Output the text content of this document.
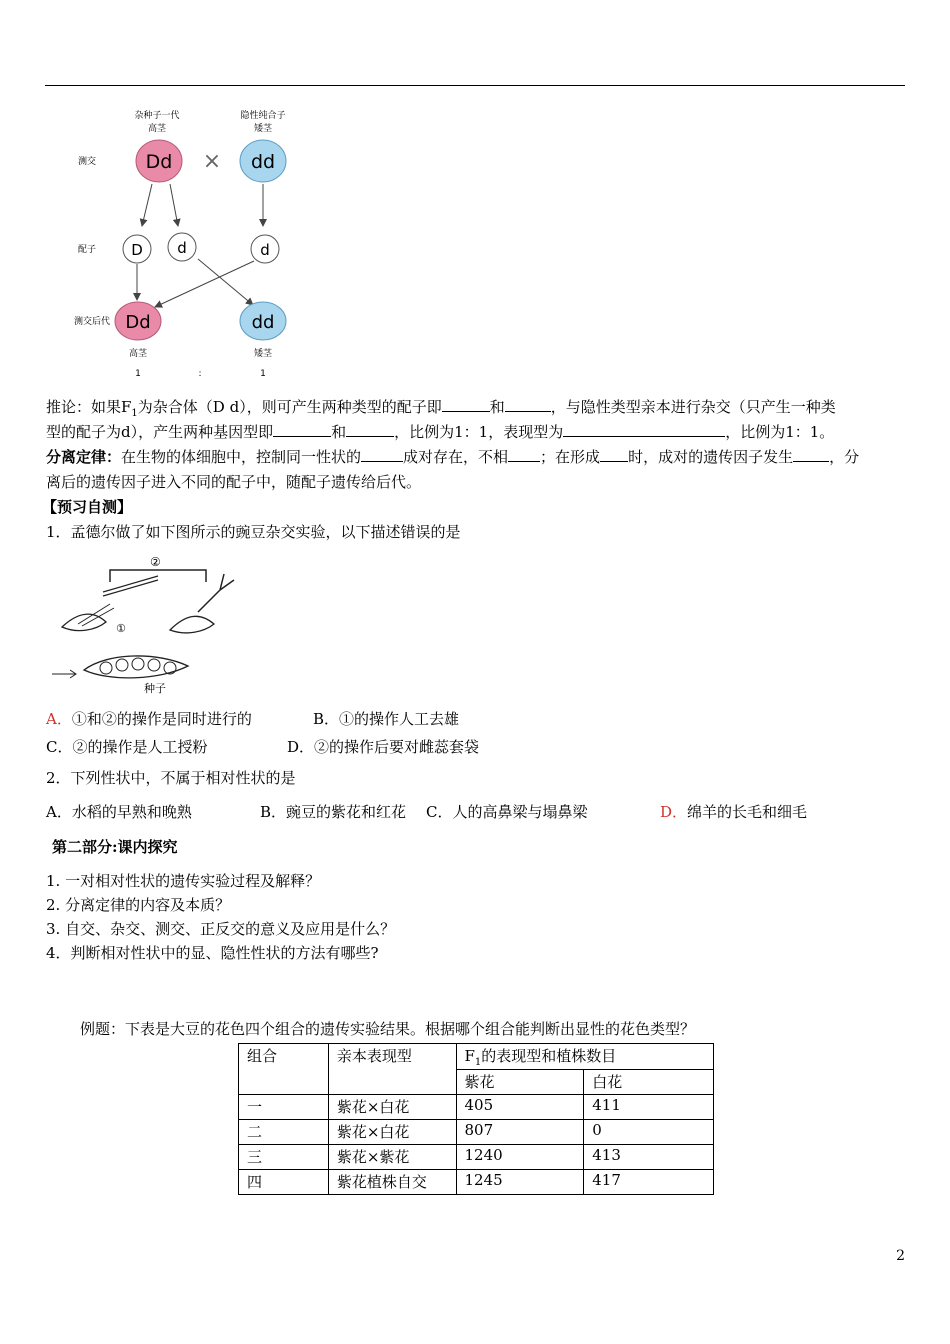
杂种子一代
高茎
隐性纯合子
矮茎
测交
配子
测交后代
Dd × dd
D d	d
Dd	dd
高茎	矮茎
1	:	1
推论：如果$F_1$为杂合体（D d），则可产生两种类型的配子即	和	，与隐性类型亲本进行杂交（只产生一种类
型的配子为d），产生两种基因型即	和	，比例为1：1，表现型为	，比例为1：1。
分离定律：在生物的体细胞中，控制同一性状的	成对存在，不相 ；在形成 时，成对的遗传因子发生 ，分
离后的遗传因子进入不同的配子中，随配子遗传给后代。
【预习自测】
1．孟德尔做了如下图所示的豌豆杂交实验，以下描述错误的是
②
①
种子
A．①和②的操作是同时进行的	B．①的操作人工去雄
C．②的操作是人工授粉	D．②的操作后要对雌蕊套袋
2．下列性状中，不属于相对性状的是
A．水稻的早熟和晚熟	B．豌豆的紫花和红花 C．人的高鼻梁与塌鼻梁	D．绵羊的长毛和细毛
第二部分:课内探究
1. 一对相对性状的遗传实验过程及解释？
2. 分离定律的内容及本质？
3. 自交、杂交、测交、正反交的意义及应用是什么？
4．判断相对性状中的显、隐性性状的方法有哪些?
例题：下表是大豆的花色四个组合的遗传实验结果。根据哪个组合能判断出显性的花色类型？
组合	亲本表现型	$F_1$的表现型和植株数目	
		紫花	白花
一	紫花×白花	405	411
二	紫花×白花	807	0
三	紫花×紫花	1240	413
四	紫花植株自交	1245	417
2
